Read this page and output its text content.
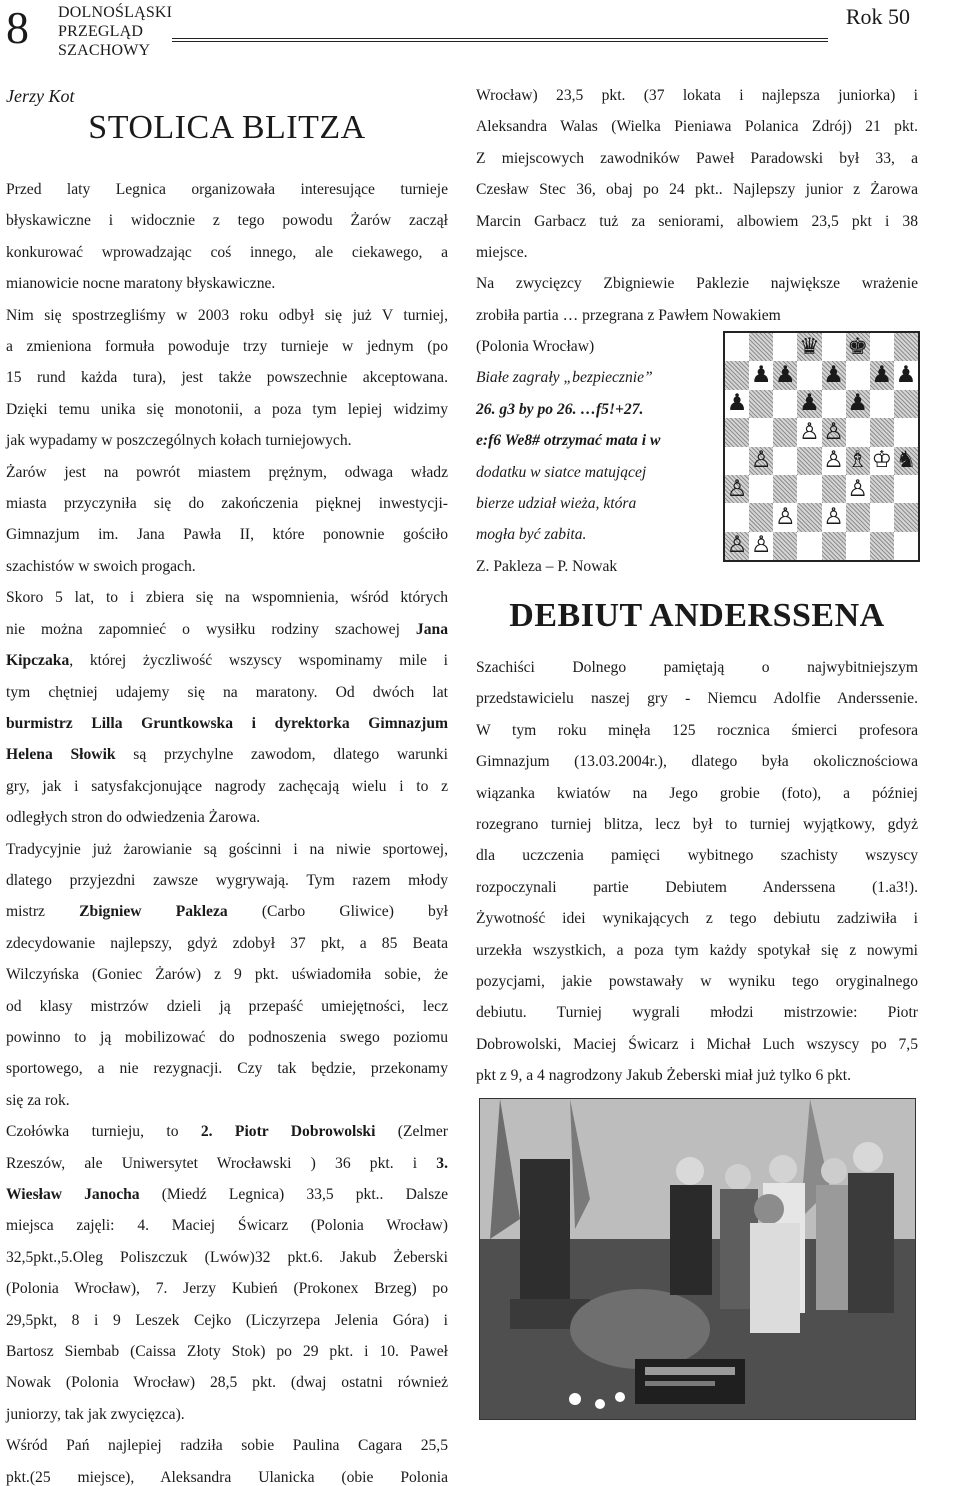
8 DOLNOŚLĄSKI
PRZEGLĄD
SZACHOWY
Rok 50
Jerzy Kot
STOLICA BLITZA
Przed laty Legnica organizowała interesujące turnieje
błyskawiczne i widocznie z tego powodu Żarów zaczął
konkurować wprowadzając coś innego, ale ciekawego, a
mianowicie nocne maratony błyskawiczne.
Nim się spostrzegliśmy w 2003 roku odbył się już V turniej,
a zmieniona formuła powoduje trzy turnieje w jednym (po
15 rund każda tura), jest także powszechnie akceptowana.
Dzięki temu unika się monotonii, a poza tym lepiej widzimy
jak wypadamy w poszczególnych kołach turniejowych.
Żarów jest na powrót miastem prężnym, odwaga władz
miasta przyczyniła się do zakończenia pięknej inwestycji-
Gimnazjum im. Jana Pawła II, które ponownie gościło
szachistów w swoich progach.
Skoro 5 lat, to i zbiera się na wspomnienia, wśród których
nie można zapomnieć o wysiłku rodziny szachowej Jana
Kipczaka, której życzliwość wszyscy wspominamy mile i
tym chętniej udajemy się na maratony. Od dwóch lat
burmistrz Lilla Gruntkowska i dyrektorka Gimnazjum
Helena Słowik są przychylne zawodom, dlatego warunki
gry, jak i satysfakcjonujące nagrody zachęcają wielu i to z
odległych stron do odwiedzenia Żarowa.
Tradycyjnie już żarowianie są gościnni i na niwie sportowej,
dlatego przyjezdni zawsze wygrywają. Tym razem młody
mistrz Zbigniew Pakleza (Carbo Gliwice) był
zdecydowanie najlepszy, gdyż zdobył 37 pkt, a 85 Beata
Wilczyńska (Goniec Żarów) z 9 pkt. uświadomiła sobie, że
od klasy mistrzów dzieli ją przepaść umiejętności, lecz
powinno to ją mobilizować do podnoszenia swego poziomu
sportowego, a nie rezygnacji. Czy tak będzie, przekonamy
się za rok.
Czołówka turnieju, to 2. Piotr Dobrowolski (Zelmer
Rzeszów, ale Uniwersytet Wrocławski ) 36 pkt. i 3.
Wiesław Janocha (Miedź Legnica) 33,5 pkt.. Dalsze
miejsca zajęli: 4. Maciej Świcarz (Polonia Wrocław)
32,5pkt.,5.Oleg Poliszczuk (Lwów)32 pkt.6. Jakub Żeberski
(Polonia Wrocław), 7. Jerzy Kubień (Prokonex Brzeg) po
29,5pkt, 8 i 9 Leszek Cejko (Liczyrzepa Jelenia Góra) i
Bartosz Siembab (Caissa Złoty Stok) po 29 pkt. i 10. Paweł
Nowak (Polonia Wrocław) 28,5 pkt. (dwaj ostatni również
juniorzy, tak jak zwycięzca).
Wśród Pań najlepiej radziła sobie Paulina Cagara 25,5
pkt.(25 miejsce), Aleksandra Ulanicka (obie Polonia
Wrocław) 23,5 pkt. (37 lokata i najlepsza juniorka) i
Aleksandra Walas (Wielka Pieniawa Polanica Zdrój) 21 pkt.
Z miejscowych zawodników Paweł Paradowski był 33, a
Czesław Stec 36, obaj po 24 pkt.. Najlepszy junior z Żarowa
Marcin Garbacz tuż za seniorami, albowiem 23,5 pkt i 38
miejsce.
Na zwycięzcy Zbigniewie Paklezie największe wrażenie
zrobiła partia … przegrana z Pawłem Nowakiem
(Polonia Wrocław)
Białe zagrały „bezpiecznie”
26. g3 by po 26. …f5!+27.
e:f6 We8# otrzymać mata i w
dodatku w siatce matującej
bierze udział wieża, która
mogła być zabita.
Z. Pakleza – P. Nowak
♛ ♚
♟ ♟ ♟ ♟ ♟
♟ ♟ ♟
♙ ♙
♙ ♙ ♗ ♔ ♞
♙	♙
♙ ♙
♙ ♙
DEBIUT ANDERSSENA
Szachiści Dolnego pamiętają o najwybitniejszym
przedstawicielu naszej gry - Niemcu Adolfie Anderssenie.
W tym roku minęła 125 rocznica śmierci profesora
Gimnazjum (13.03.2004r.), dlatego była okolicznościowa
wiązanka kwiatów na Jego grobie (foto), a później
rozegrano turniej blitza, lecz był to turniej wyjątkowy, gdyż
dla uczczenia pamięci wybitnego szachisty wszyscy
rozpoczynali partie Debiutem Anderssena (1.a3!).
Żywotność idei wynikających z tego debiutu zadziwiła i
urzekła wszystkich, a poza tym każdy spotykał się z nowymi
pozycjami, jakie powstawały w wyniku tego oryginalnego
debiutu. Turniej wygrali młodzi mistrzowie: Piotr
Dobrowolski, Maciej Świcarz i Michał Luch wszyscy po 7,5
pkt z 9, a 4 nagrodzony Jakub Żeberski miał już tylko 6 pkt.
